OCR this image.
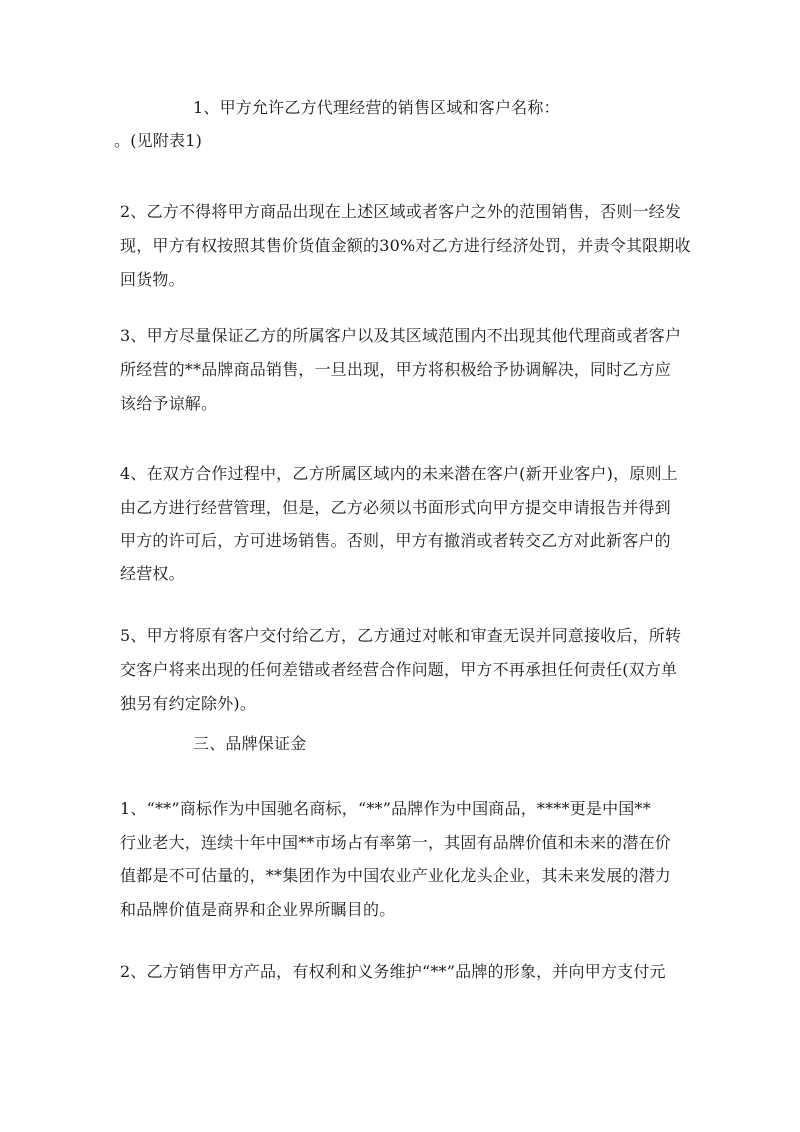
1、甲方允许乙方代理经营的销售区域和客户名称：
。(见附表1)
2、乙方不得将甲方商品出现在上述区域或者客户之外的范围销售，否则一经发
现，甲方有权按照其售价货值金额的30%对乙方进行经济处罚，并责令其限期收
回货物。
3、甲方尽量保证乙方的所属客户以及其区域范围内不出现其他代理商或者客户
所经营的**品牌商品销售，一旦出现，甲方将积极给予协调解决，同时乙方应
该给予谅解。
4、在双方合作过程中，乙方所属区域内的未来潜在客户(新开业客户)，原则上
由乙方进行经营管理，但是，乙方必须以书面形式向甲方提交申请报告并得到
甲方的许可后，方可进场销售。否则，甲方有撤消或者转交乙方对此新客户的
经营权。
5、甲方将原有客户交付给乙方，乙方通过对帐和审查无误并同意接收后，所转
交客户将来出现的任何差错或者经营合作问题，甲方不再承担任何责任(双方单
独另有约定除外)。
三、品牌保证金
1、“**”商标作为中国驰名商标，“**”品牌作为中国商品，****更是中国**
行业老大，连续十年中国**市场占有率第一，其固有品牌价值和未来的潜在价
值都是不可估量的，**集团作为中国农业产业化龙头企业，其未来发展的潜力
和品牌价值是商界和企业界所瞩目的。
2、乙方销售甲方产品，有权利和义务维护“**”品牌的形象，并向甲方支付元
